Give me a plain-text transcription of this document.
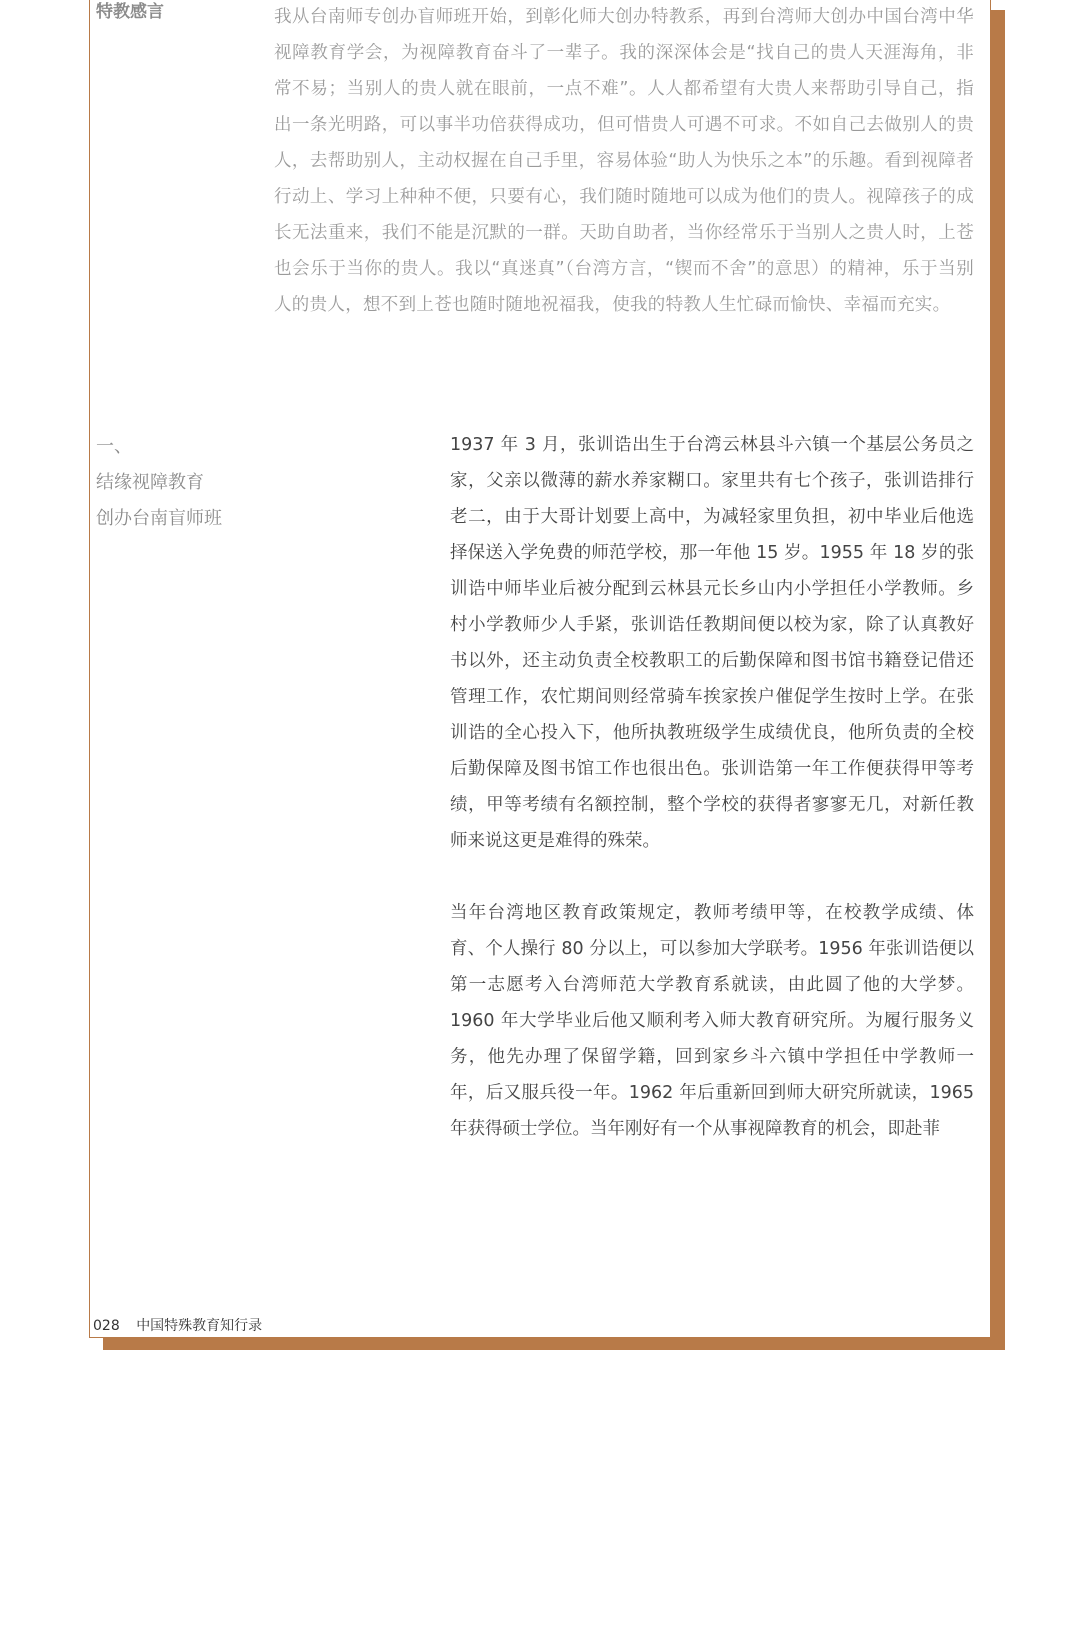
特教感言	我从台南师专创办盲师班开始，到彰化师大创办特教系，再到台湾师大创办中国台湾中华视障教育学会，为视障教育奋斗了一辈子。我的深深体会是“找自己的贵人天涯海角，非常不易；当别人的贵人就在眼前，一点不难”。人人都希望有大贵人来帮助引导自己，指出一条光明路，可以事半功倍获得成功，但可惜贵人可遇不可求。不如自己去做别人的贵人，去帮助别人，主动权握在自己手里，容易体验“助人为快乐之本”的乐趣。看到视障者行动上、学习上种种不便，只要有心，我们随时随地可以成为他们的贵人。视障孩子的成长无法重来，我们不能是沉默的一群。天助自助者，当你经常乐于当别人之贵人时，上苍也会乐于当你的贵人。我以“真迷真”（台湾方言，“锲而不舍”的意思）的精神，乐于当别人的贵人，想不到上苍也随时随地祝福我，使我的特教人生忙碌而愉快、幸福而充实。

一、
结缘视障教育
创办台南盲师班

1937 年 3 月，张训诰出生于台湾云林县斗六镇一个基层公务员之家，父亲以微薄的薪水养家糊口。家里共有七个孩子，张训诰排行老二，由于大哥计划要上高中，为减轻家里负担，初中毕业后他选择保送入学免费的师范学校，那一年他 15 岁。1955 年 18 岁的张训诰中师毕业后被分配到云林县元长乡山内小学担任小学教师。乡村小学教师少人手紧，张训诰任教期间便以校为家，除了认真教好书以外，还主动负责全校教职工的后勤保障和图书馆书籍登记借还管理工作，农忙期间则经常骑车挨家挨户催促学生按时上学。在张训诰的全心投入下，他所执教班级学生成绩优良，他所负责的全校后勤保障及图书馆工作也很出色。张训诰第一年工作便获得甲等考绩，甲等考绩有名额控制，整个学校的获得者寥寥无几，对新任教师来说这更是难得的殊荣。

当年台湾地区教育政策规定，教师考绩甲等，在校教学成绩、体育、个人操行 80 分以上，可以参加大学联考。1956 年张训诰便以第一志愿考入台湾师范大学教育系就读，由此圆了他的大学梦。1960 年大学毕业后他又顺利考入师大教育研究所。为履行服务义务，他先办理了保留学籍，回到家乡斗六镇中学担任中学教师一年，后又服兵役一年。1962 年后重新回到师大研究所就读，1965 年获得硕士学位。当年刚好有一个从事视障教育的机会，即赴菲

028 中国特殊教育知行录
